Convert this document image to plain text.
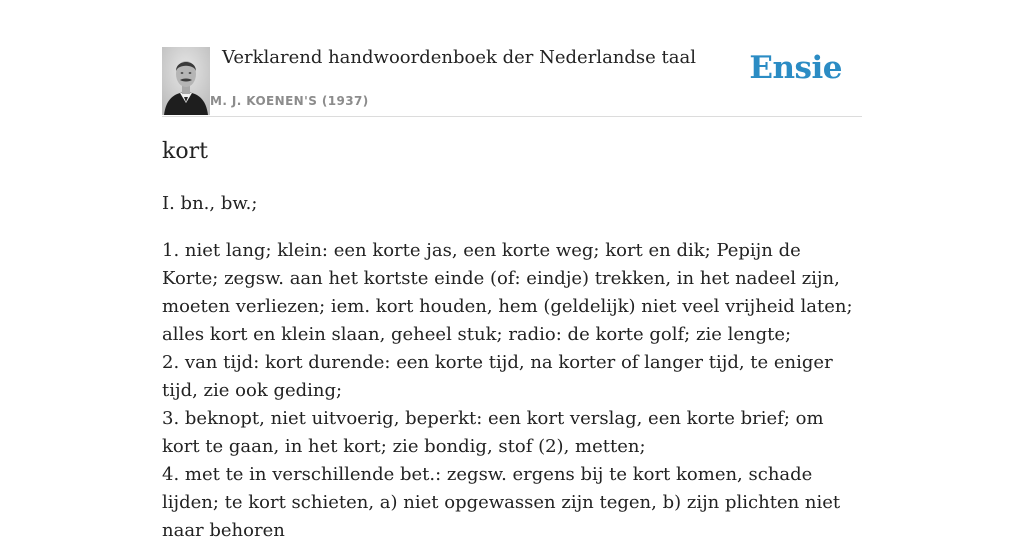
Verklarend handwoordenboek der Nederlandse taal
M. J. KOENEN'S (1937)
Ensie
kort

I. bn., bw.;

1. niet lang; klein: een korte jas, een korte weg; kort en dik; Pepijn de Korte; zegsw. aan het kortste einde (of: eindje) trekken, in het nadeel zijn, moeten verliezen; iem. kort houden, hem (geldelijk) niet veel vrijheid laten; alles kort en klein slaan, geheel stuk; radio: de korte golf; zie lengte;

2. van tijd: kort durende: een korte tijd, na korter of langer tijd, te eniger tijd, zie ook geding;

3. beknopt, niet uitvoerig, beperkt: een kort verslag, een korte brief; om kort te gaan, in het kort; zie bondig, stof (2), metten;

4. met te in verschillende bet.: zegsw. ergens bij te kort komen, schade lijden; te kort schieten, a) niet opgewassen zijn tegen, b) zijn plichten niet naar behoren
